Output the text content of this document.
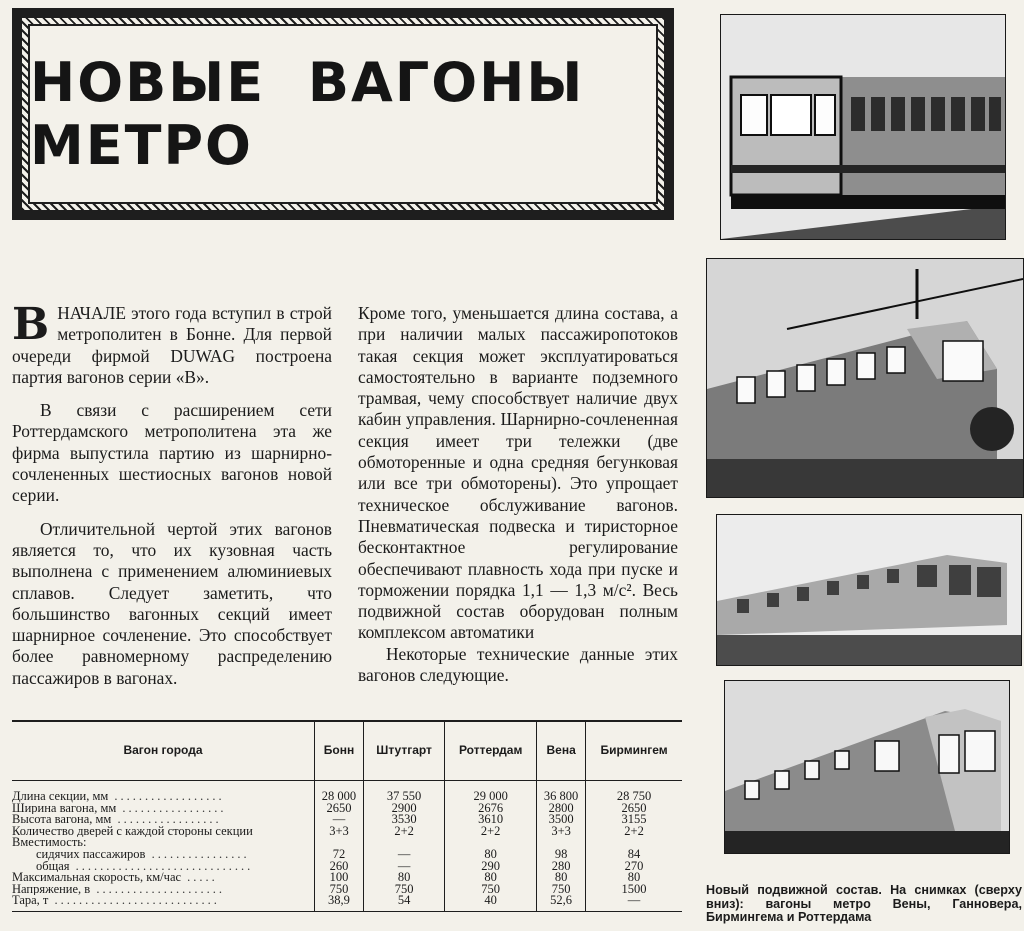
НОВЫЕ ВАГОНЫ МЕТРО

ВНАЧАЛЕ этого года вступил в строй метрополитен в Бонне. Для первой очереди фирмой DUWAG построена партия вагонов серии «В».

В связи с расширением сети Роттердамского метрополитена эта же фирма выпустила партию из шарнирно-сочлененных шестиосных вагонов новой серии.

Отличительной чертой этих вагонов является то, что их кузовная часть выполнена с применением алюминиевых сплавов. Следует заметить, что большинство вагонных секций имеет шарнирное сочленение. Это способствует более равномерному распределению пассажиров в вагонах.

Кроме того, уменьшается длина состава, а при наличии малых пассажиропотоков такая секция может эксплуатироваться самостоятельно в варианте подземного трамвая, чему способствует наличие двух кабин управления. Шарнирно-сочлененная секция имеет три тележки (две обмоторенные и одна средняя бегунковая или все три обмоторены). Это упрощает техническое обслуживание вагонов. Пневматическая подвеска и тиристорное бесконтактное регулирование обеспечивают плавность хода при пуске и торможении порядка 1,1 — 1,3 м/с². Весь подвижной состав оборудован полным комплексом автоматики

Некоторые технические данные этих вагонов следующие.

Вагон города	Бонн	Штутгарт	Роттердам	Вена	Бирмингем
Длина секции, мм ..................	28 000	37 550	29 000	36 800	28 750
Ширина вагона, мм .................	2650	2900	2676	2800	2650
Высота вагона, мм .................	—	3530	3610	3500	3155
Количество дверей с каждой стороны секции	3+3	2+2	2+2	3+3	2+2
Вместимость:					
сидячих пассажиров ................	72	—	80	98	84
общая .............................	260	—	290	280	270
Максимальная скорость, км/час .....	100	80	80	80	80
Напряжение, в .....................	750	750	750	750	1500
Тара, т ...........................	38,9	54	40	52,6	—
Новый подвижной состав. На снимках (сверху вниз): вагоны метро Вены, Ганновера, Бирмингема и Роттердама
